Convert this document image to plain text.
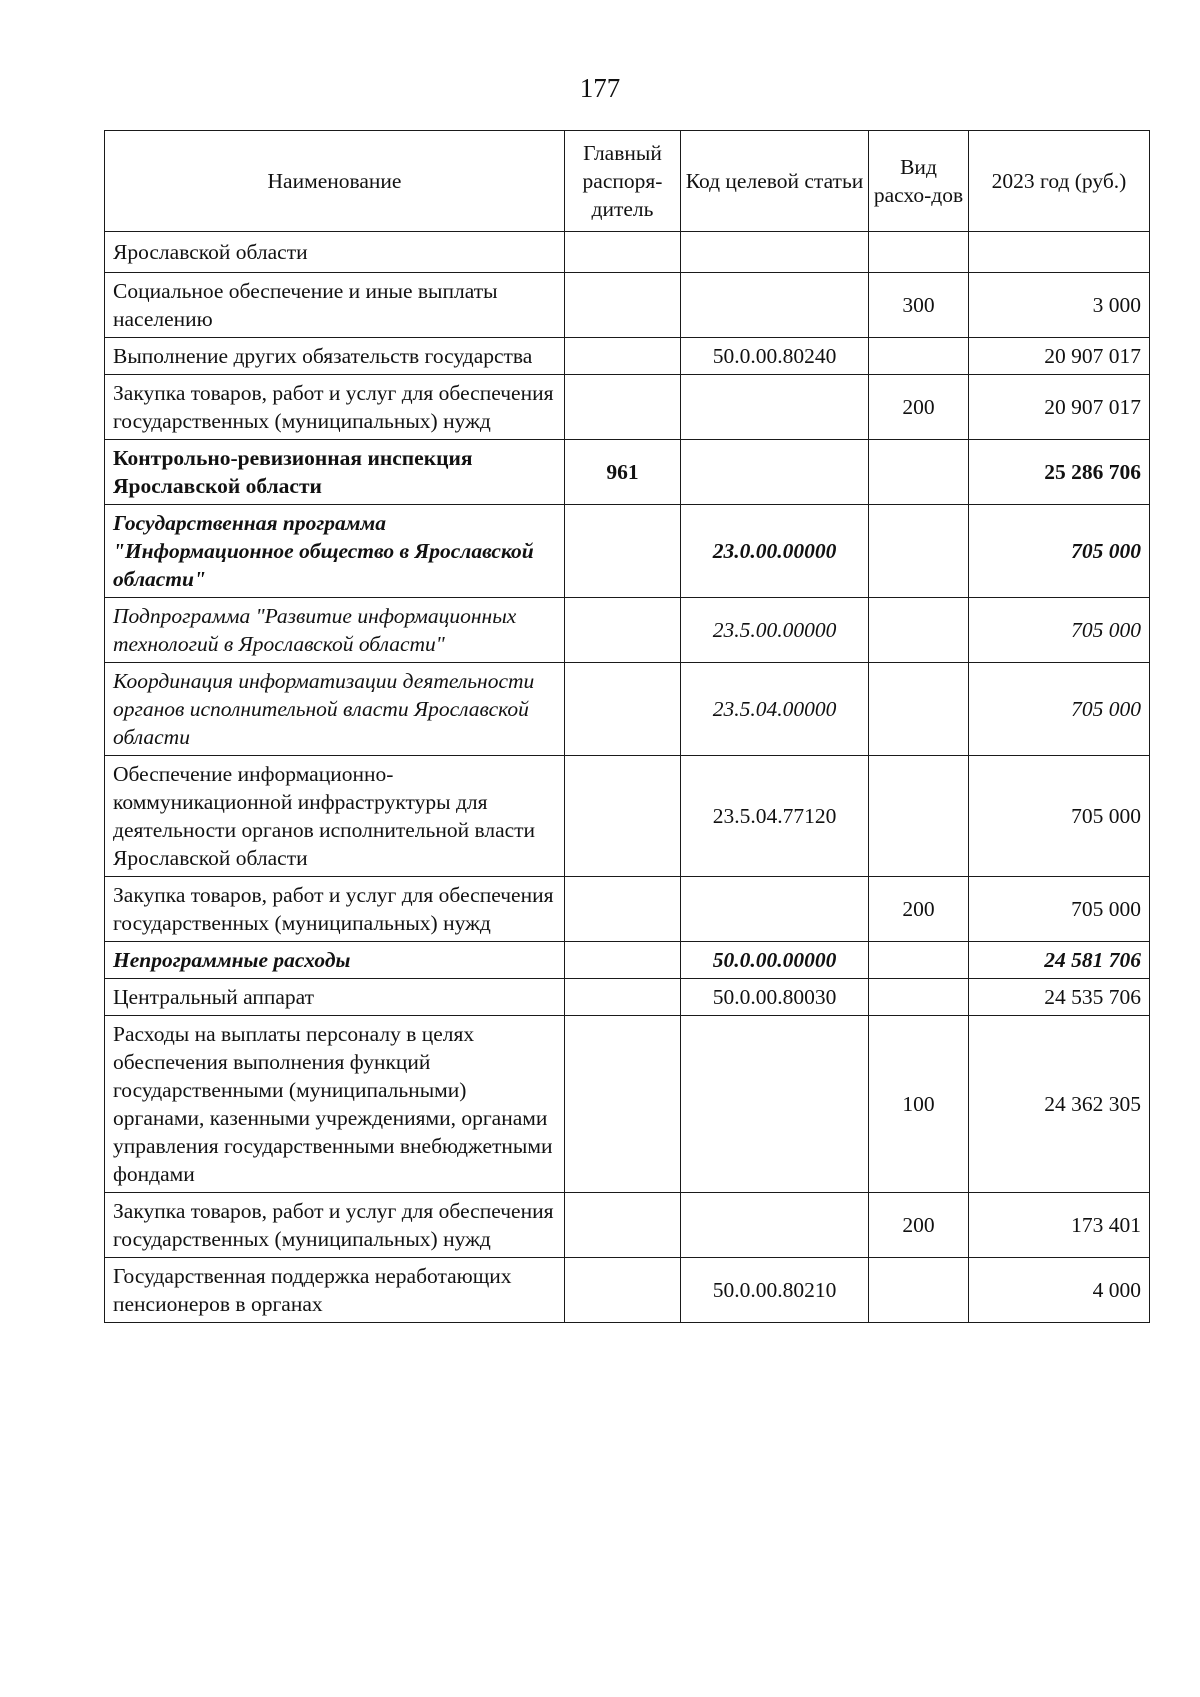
177
Наименование	Главный распоря-дитель	Код целевой статьи	Вид расхо-дов	2023 год (руб.)
Ярославской области				
Социальное обеспечение и иные выплаты населению			300	3 000
Выполнение других обязательств государства		50.0.00.80240		20 907 017
Закупка товаров, работ и услуг для обеспечения государственных (муниципальных) нужд			200	20 907 017
Контрольно-ревизионная инспекция Ярославской области	961			25 286 706
Государственная программа "Информационное общество в Ярославской области"		23.0.00.00000		705 000
Подпрограмма "Развитие информационных технологий в Ярославской области"		23.5.00.00000		705 000
Координация информатизации деятельности органов исполнительной власти Ярославской области		23.5.04.00000		705 000
Обеспечение информационно-коммуникационной инфраструктуры для деятельности органов исполнительной власти Ярославской области		23.5.04.77120		705 000
Закупка товаров, работ и услуг для обеспечения государственных (муниципальных) нужд			200	705 000
Непрограммные расходы		50.0.00.00000		24 581 706
Центральный аппарат		50.0.00.80030		24 535 706
Расходы на выплаты персоналу в целях обеспечения выполнения функций государственными (муниципальными) органами, казенными учреждениями, органами управления государственными внебюджетными фондами			100	24 362 305
Закупка товаров, работ и услуг для обеспечения государственных (муниципальных) нужд			200	173 401
Государственная поддержка неработающих пенсионеров в органах		50.0.00.80210		4 000
